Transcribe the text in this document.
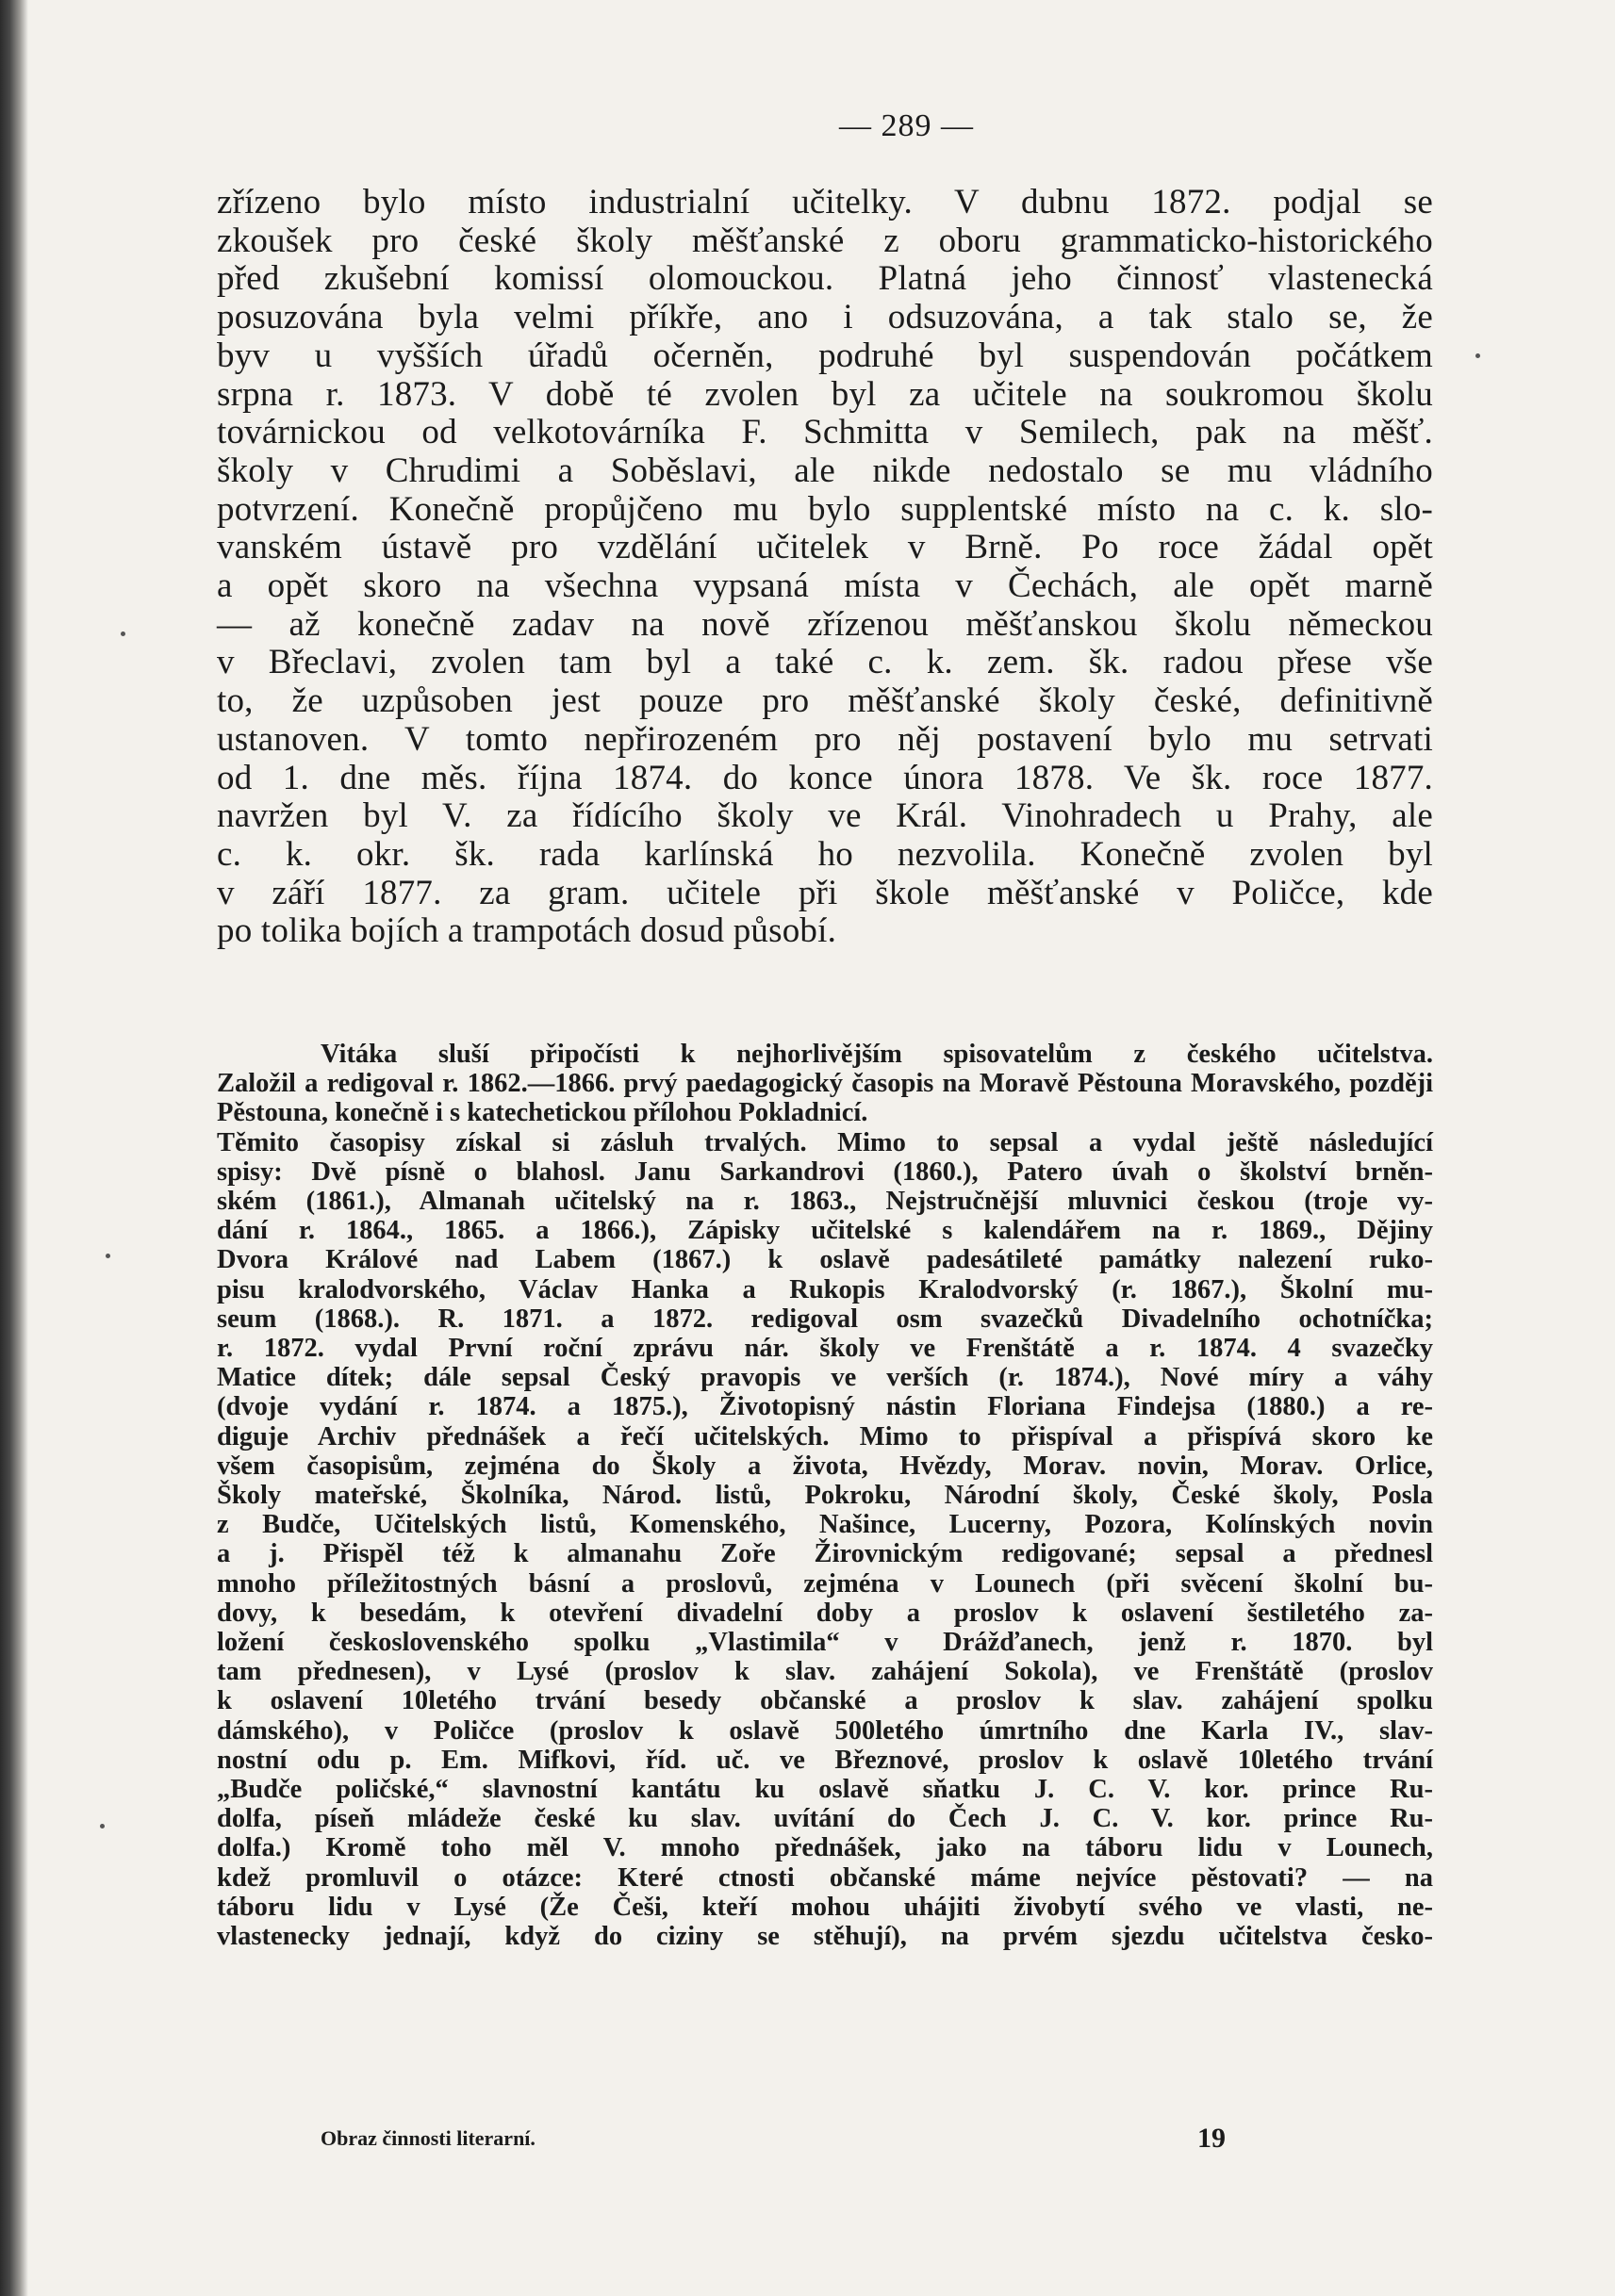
— 289 —

zřízeno bylo místo industrialní učitelky. V dubnu 1872. podjal se

zkoušek pro české školy měšťanské z oboru grammaticko-historického

před zkušební komissí olomouckou. Platná jeho činnosť vlastenecká

posuzována byla velmi příkře, ano i odsuzována, a tak stalo se, že

byv u vyšších úřadů očerněn, podruhé byl suspendován počátkem

srpna r. 1873. V době té zvolen byl za učitele na soukromou školu

továrnickou od velkotovárníka F. Schmitta v Semilech, pak na měšť.

školy v Chrudimi a Soběslavi, ale nikde nedostalo se mu vládního

potvrzení. Konečně propůjčeno mu bylo supplentské místo na c. k. slo-

vanském ústavě pro vzdělání učitelek v Brně. Po roce žádal opět

a opět skoro na všechna vypsaná místa v Čechách, ale opět marně

— až konečně zadav na nově zřízenou měšťanskou školu německou

v Břeclavi, zvolen tam byl a také c. k. zem. šk. radou přese vše

to, že uzpůsoben jest pouze pro měšťanské školy české, definitivně

ustanoven. V tomto nepřirozeném pro něj postavení bylo mu setrvati

od 1. dne měs. října 1874. do konce února 1878. Ve šk. roce 1877.

navržen byl V. za řídícího školy ve Král. Vinohradech u Prahy, ale

c. k. okr. šk. rada karlínská ho nezvolila. Konečně zvolen byl

v září 1877. za gram. učitele při škole měšťanské v Poličce, kde

po tolika bojích a trampotách dosud působí.

Vitáka sluší připočísti k nejhorlivějším spisovatelům z českého učitelstva.

Založil a redigoval r. 1862.—1866. prvý paedagogický časopis na Moravě Pěstouna Moravského, později Pěstouna, konečně i s katechetickou přílohou Pokladnicí.

Těmito časopisy získal si zásluh trvalých. Mimo to sepsal a vydal ještě následující

spisy: Dvě písně o blahosl. Janu Sarkandrovi (1860.), Patero úvah o školství brněn-

ském (1861.), Almanah učitelský na r. 1863., Nejstručnější mluvnici českou (troje vy-

dání r. 1864., 1865. a 1866.), Zápisky učitelské s kalendářem na r. 1869., Dějiny

Dvora Králové nad Labem (1867.) k oslavě padesátileté památky nalezení ruko-

pisu kralodvorského, Václav Hanka a Rukopis Kralodvorský (r. 1867.), Školní mu-

seum (1868.). R. 1871. a 1872. redigoval osm svazečků Divadelního ochotníčka;

r. 1872. vydal První roční zprávu nár. školy ve Frenštátě a r. 1874. 4 svazečky

Matice dítek; dále sepsal Český pravopis ve verších (r. 1874.), Nové míry a váhy

(dvoje vydání r. 1874. a 1875.), Životopisný nástin Floriana Findejsa (1880.) a re-

diguje Archiv přednášek a řečí učitelských. Mimo to přispíval a přispívá skoro ke

všem časopisům, zejména do Školy a života, Hvězdy, Morav. novin, Morav. Orlice,

Školy mateřské, Školníka, Národ. listů, Pokroku, Národní školy, České školy, Posla

z Budče, Učitelských listů, Komenského, Našince, Lucerny, Pozora, Kolínských novin

a j. Přispěl též k almanahu Zoře Žirovnickým redigované; sepsal a přednesl

mnoho příležitostných básní a proslovů, zejména v Lounech (při svěcení školní bu-

dovy, k besedám, k otevření divadelní doby a proslov k oslavení šestiletého za-

ložení československého spolku „Vlastimila“ v Drážďanech, jenž r. 1870. byl

tam přednesen), v Lysé (proslov k slav. zahájení Sokola), ve Frenštátě (proslov

k oslavení 10letého trvání besedy občanské a proslov k slav. zahájení spolku

dámského), v Poličce (proslov k oslavě 500letého úmrtního dne Karla IV., slav-

nostní odu p. Em. Mifkovi, říd. uč. ve Březnové, proslov k oslavě 10letého trvání

„Budče poličské,“ slavnostní kantátu ku oslavě sňatku J. C. V. kor. prince Ru-

dolfa, píseň mládeže české ku slav. uvítání do Čech J. C. V. kor. prince Ru-

dolfa.) Kromě toho měl V. mnoho přednášek, jako na táboru lidu v Lounech,

kdež promluvil o otázce: Které ctnosti občanské máme nejvíce pěstovati? — na

táboru lidu v Lysé (Že Češi, kteří mohou uhájiti živobytí svého ve vlasti, ne-

vlastenecky jednají, když do ciziny se stěhují), na prvém sjezdu učitelstva česko-

Obraz činnosti literarní.	19
